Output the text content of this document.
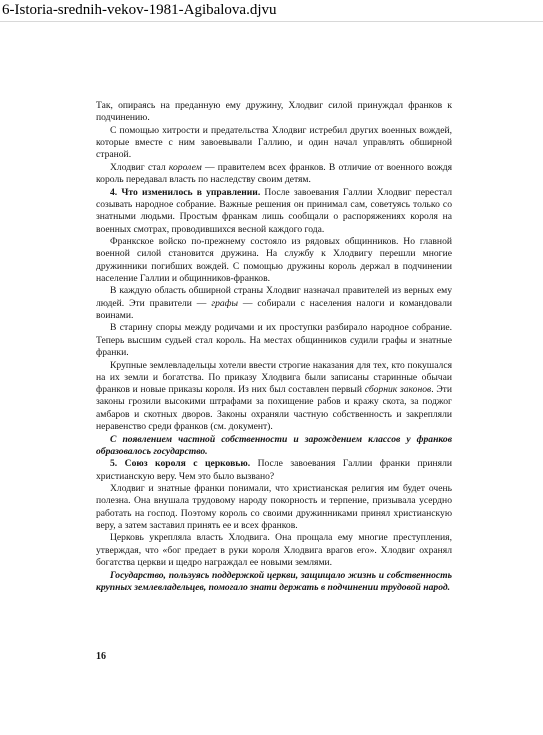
6-Istoria-srednih-vekov-1981-Agibalova.djvu

Так, опираясь на преданную ему дружину, Хлодвиг силой принуждал франков к подчинению.

С помощью хитрости и предательства Хлодвиг истребил других военных вождей, которые вместе с ним завоевывали Галлию, и один начал управлять обширной страной.

Хлодвиг стал королем — правителем всех франков. В отличие от военного вождя король передавал власть по наследству своим детям.

4. Что изменилось в управлении. После завоевания Галлии Хлодвиг перестал созывать народное собрание. Важные решения он принимал сам, советуясь только со знатными людьми. Простым франкам лишь сообщали о распоряжениях короля на военных смотрах, проводившихся весной каждого года.

Франкское войско по-прежнему состояло из рядовых общинников. Но главной военной силой становится дружина. На службу к Хлодвигу перешли многие дружинники погибших вождей. С помощью дружины король держал в подчинении население Галлии и общинников-франков.

В каждую область обширной страны Хлодвиг назначал правителей из верных ему людей. Эти правители — графы — собирали с населения налоги и командовали воинами.

В старину споры между родичами и их проступки разбирало народное собрание. Теперь высшим судьей стал король. На местах общинников судили графы и знатные франки.

Крупные землевладельцы хотели ввести строгие наказания для тех, кто покушался на их земли и богатства. По приказу Хлодвига были записаны старинные обычаи франков и новые приказы короля. Из них был составлен первый сборник законов. Эти законы грозили высокими штрафами за похищение рабов и кражу скота, за поджог амбаров и скотных дворов. Законы охраняли частную собственность и закрепляли неравенство среди франков (см. документ).

С появлением частной собственности и зарождением классов у франков образовалось государство.

5. Союз короля с церковью. После завоевания Галлии франки приняли христианскую веру. Чем это было вызвано?

Хлодвиг и знатные франки понимали, что христианская религия им будет очень полезна. Она внушала трудовому народу покорность и терпение, призывала усердно работать на господ. Поэтому король со своими дружинниками принял христианскую веру, а затем заставил принять ее и всех франков.

Церковь укрепляла власть Хлодвига. Она прощала ему многие преступления, утверждая, что «бог предает в руки короля Хлодвига врагов его». Хлодвиг охранял богатства церкви и щедро награждал ее новыми землями.

Государство, пользуясь поддержкой церкви, защищало жизнь и собственность крупных землевладельцев, помогало знати держать в подчинении трудовой народ.

16
